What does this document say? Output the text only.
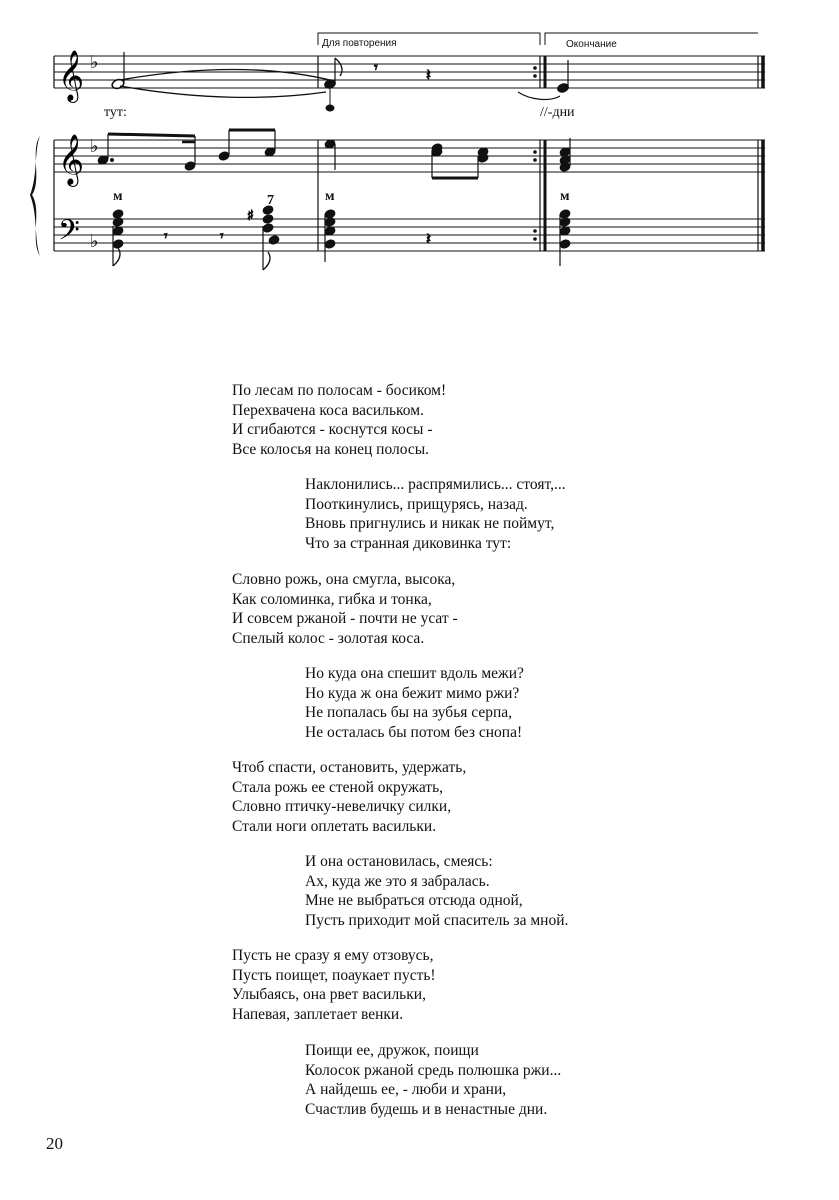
𝄞
𝄞
𝄢
♭
♭
♭
Для повторения	Окончание
𝄾	𝄽
тут:	//-дни
𝄾	𝄾
♯
𝄽
м	м	м
7
По лесам по полосам - босиком!
Перехвачена коса васильком.
И сгибаются - коснутся косы -
Все колосья на конец полосы.
Наклонились... распрямились... стоят,...
Пооткинулись, прищурясь, назад.
Вновь пригнулись и никак не поймут,
Что за странная диковинка тут:
Словно рожь, она смугла, высока,
Как соломинка, гибка и тонка,
И совсем ржаной - почти не усат -
Спелый колос - золотая коса.
Но куда она спешит вдоль межи?
Но куда ж она бежит мимо ржи?
Не попалась бы на зубья серпа,
Не осталась бы потом без снопа!
Чтоб спасти, остановить, удержать,
Стала рожь ее стеной окружать,
Словно птичку-невеличку силки,
Стали ноги оплетать васильки.
И она остановилась, смеясь:
Ах, куда же это я забралась.
Мне не выбраться отсюда одной,
Пусть приходит мой спаситель за мной.
Пусть не сразу я ему отзовусь,
Пусть поищет, поаукает пусть!
Улыбаясь, она рвет васильки,
Напевая, заплетает венки.
Поищи ее, дружок, поищи
Колосок ржаной средь полюшка ржи...
А найдешь ее, - люби и храни,
Счастлив будешь и в ненастные дни.
20
